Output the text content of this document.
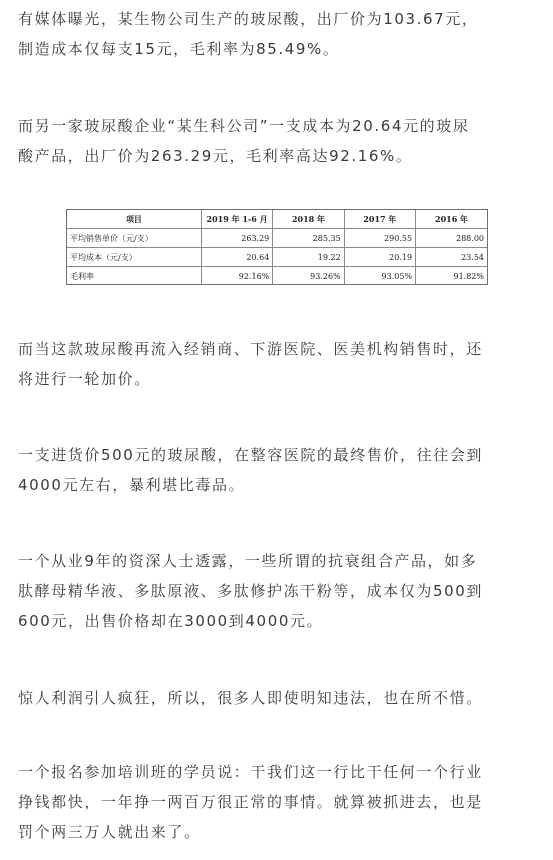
有媒体曝光，某生物公司生产的玻尿酸，出厂价为103.67元，
制造成本仅每支15元，毛利率为85.49%。
而另一家玻尿酸企业“某生科公司”一支成本为20.64元的玻尿
酸产品，出厂价为263.29元，毛利率高达92.16%。
项目	2019 年 1-6 月	2018 年	2017 年	2016 年
平均销售单价（元/支）	263.29	285.35	290.55	288.00
平均成本（元/支）	20.64	19.22	20.19	23.54
毛利率	92.16%	93.26%	93.05%	91.82%
而当这款玻尿酸再流入经销商、下游医院、医美机构销售时，还
将进行一轮加价。
一支进货价500元的玻尿酸，在整容医院的最终售价，往往会到
4000元左右，暴利堪比毒品。
一个从业9年的资深人士透露，一些所谓的抗衰组合产品，如多
肽酵母精华液、多肽原液、多肽修护冻干粉等，成本仅为500到
600元，出售价格却在3000到4000元。
惊人利润引人疯狂，所以，很多人即使明知违法，也在所不惜。
一个报名参加培训班的学员说：干我们这一行比干任何一个行业
挣钱都快，一年挣一两百万很正常的事情。就算被抓进去，也是
罚个两三万人就出来了。
